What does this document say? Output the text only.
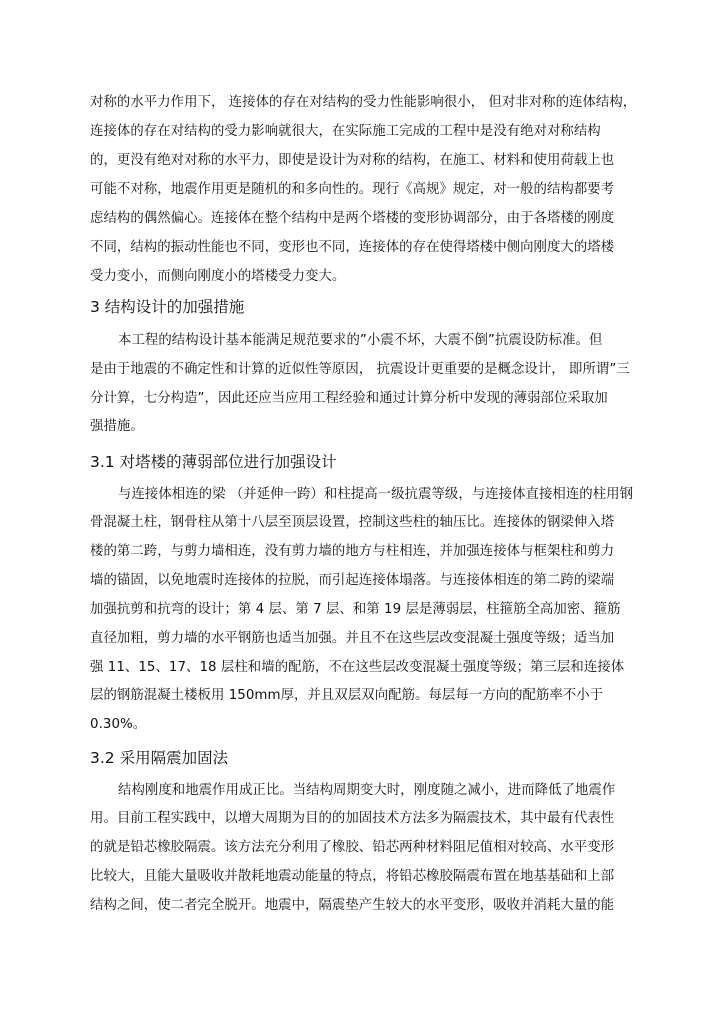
对称的水平力作用下， 连接体的存在对结构的受力性能影响很小， 但对非对称的连体结构，
连接体的存在对结构的受力影响就很大，在实际施工完成的工程中是没有绝对对称结构
的，更没有绝对对称的水平力，即使是设计为对称的结构，在施工、材料和使用荷载上也
可能不对称，地震作用更是随机的和多向性的。现行《高规》规定，对一般的结构都要考
虑结构的偶然偏心。连接体在整个结构中是两个塔楼的变形协调部分，由于各塔楼的刚度
不同，结构的振动性能也不同，变形也不同，连接体的存在使得塔楼中侧向刚度大的塔楼
受力变小，而侧向刚度小的塔楼受力变大。
3 结构设计的加强措施
本工程的结构设计基本能满足规范要求的”小震不坏，大震不倒”抗震设防标准。但
是由于地震的不确定性和计算的近似性等原因， 抗震设计更重要的是概念设计， 即所谓”三
分计算，七分构造”，因此还应当应用工程经验和通过计算分析中发现的薄弱部位采取加
强措施。
3.1 对塔楼的薄弱部位进行加强设计
与连接体相连的梁 （并延伸一跨）和柱提高一级抗震等级，与连接体直接相连的柱用钢
骨混凝土柱，钢骨柱从第十八层至顶层设置，控制这些柱的轴压比。连接体的钢梁伸入塔
楼的第二跨，与剪力墙相连，没有剪力墙的地方与柱相连，并加强连接体与框架柱和剪力
墙的锚固，以免地震时连接体的拉脱，而引起连接体塌落。与连接体相连的第二跨的梁端
加强抗剪和抗弯的设计；第 4 层、第 7 层、和第 19 层是薄弱层，柱箍筋全高加密、箍筋
直径加粗，剪力墙的水平钢筋也适当加强。并且不在这些层改变混凝土强度等级；适当加
强 11、15、17、18 层柱和墙的配筋，不在这些层改变混凝土强度等级；第三层和连接体
层的钢筋混凝土楼板用 150mm厚，并且双层双向配筋。每层每一方向的配筋率不小于
0.30%。
3.2 采用隔震加固法
结构刚度和地震作用成正比。当结构周期变大时，刚度随之减小，进而降低了地震作
用。目前工程实践中，以增大周期为目的的加固技术方法多为隔震技术，其中最有代表性
的就是铅芯橡胶隔震。该方法充分利用了橡胶、铅芯两种材料阻尼值相对较高、水平变形
比较大，且能大量吸收并散耗地震动能量的特点，将铅芯橡胶隔震布置在地基基础和上部
结构之间，使二者完全脱开。地震中，隔震垫产生较大的水平变形，吸收并消耗大量的能
